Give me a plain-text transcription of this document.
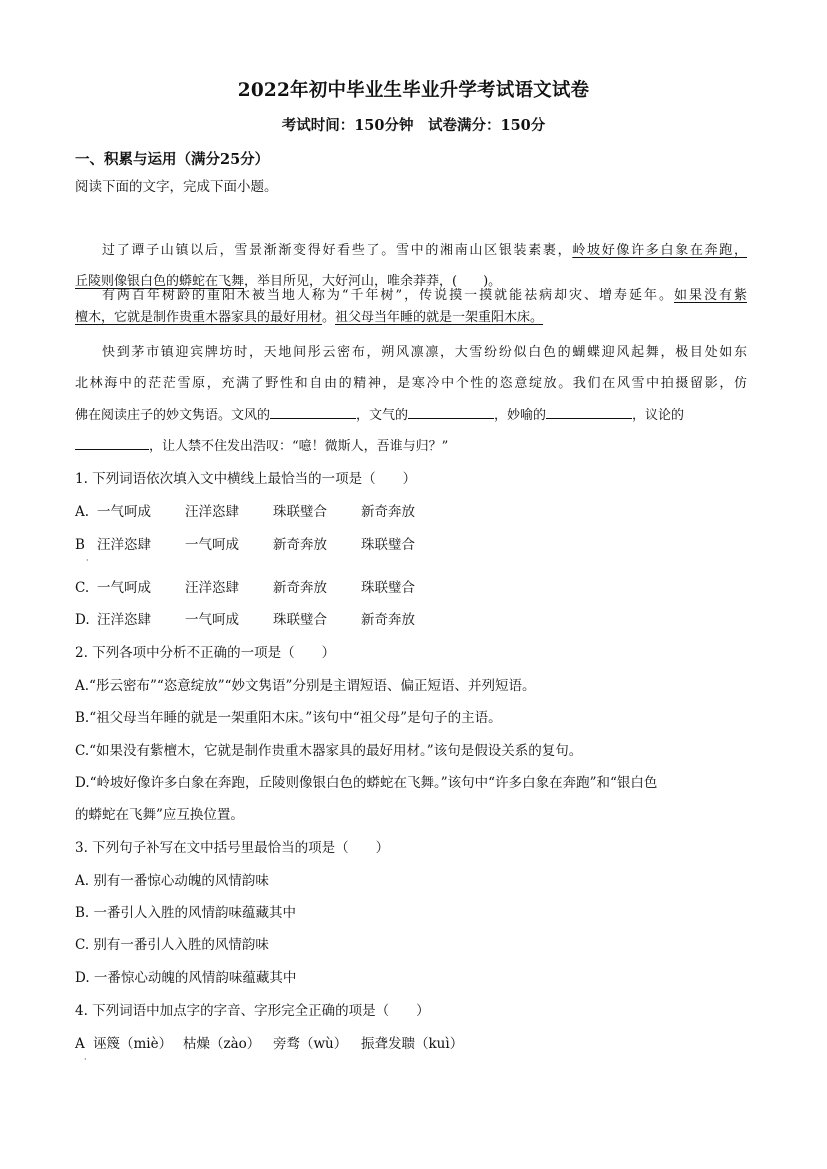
2022年初中毕业生毕业升学考试语文试卷
考试时间：150分钟　试卷满分：150分
一、积累与运用（满分25分）
阅读下面的文字，完成下面小题。
过了谭子山镇以后，雪景渐渐变得好看些了。雪中的湘南山区银装素裹，岭坡好像许多白象在奔跑，
丘陵则像银白色的蟒蛇在飞舞，举目所见，大好河山，唯余莽莽，(　　)。
有两百年树龄的重阳木被当地人称为“千年树”，传说摸一摸就能祛病却灾、增寿延年。如果没有紫
檀木，它就是制作贵重木器家具的最好用材。祖父母当年睡的就是一架重阳木床。
快到茅市镇迎宾牌坊时，天地间彤云密布，朔风凛凛，大雪纷纷似白色的蝴蝶迎风起舞，极目处如东
北林海中的茫茫雪原，充满了野性和自由的精神，是寒冷中个性的恣意绽放。我们在风雪中拍摄留影，仿
佛在阅读庄子的妙文隽语。文风的	，文气的	，妙喻的	，议论的
，让人禁不住发出浩叹：“噫！微斯人，吾谁与归？”
1. 下列词语依次填入文中横线上最恰当的一项是（　　）
A. 一气呵成	汪洋恣肆	珠联璧合	新奇奔放
B 汪洋恣肆	一气呵成	新奇奔放	珠联璧合
·
C. 一气呵成	汪洋恣肆	新奇奔放	珠联璧合
D. 汪洋恣肆	一气呵成	珠联璧合	新奇奔放
2. 下列各项中分析不正确的一项是（　　）
A.“彤云密布”“恣意绽放”“妙文隽语”分别是主谓短语、偏正短语、并列短语。
B.“祖父母当年睡的就是一架重阳木床。”该句中“祖父母”是句子的主语。
C.“如果没有紫檀木，它就是制作贵重木器家具的最好用材。”该句是假设关系的复句。
D.“岭坡好像许多白象在奔跑，丘陵则像银白色的蟒蛇在飞舞。”该句中“许多白象在奔跑”和“银白色
的蟒蛇在飞舞”应互换位置。
3. 下列句子补写在文中括号里最恰当的项是（　　）
A. 别有一番惊心动魄的风情韵味
B. 一番引人入胜的风情韵味蕴藏其中
C. 别有一番引人入胜的风情韵味
D. 一番惊心动魄的风情韵味蕴藏其中
4. 下列词语中加点字的字音、字形完全正确的项是（　　）
A 诬篾（miè） 枯燥（zào） 旁骛（wù） 振聋发聩（kuì）
·
